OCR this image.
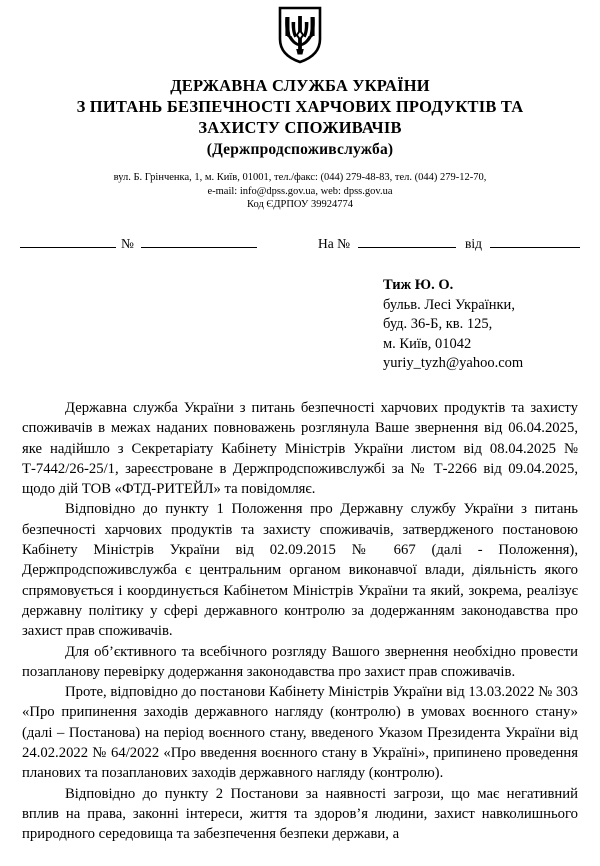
ДЕРЖАВНА СЛУЖБА УКРАЇНИ
З ПИТАНЬ БЕЗПЕЧНОСТІ ХАРЧОВИХ ПРОДУКТІВ ТА
ЗАХИСТУ СПОЖИВАЧІВ
(Держпродспоживслужба)
вул. Б. Грінченка, 1, м. Київ, 01001, тел./факс: (044) 279-48-83, тел. (044) 279-12-70,
e-mail: info@dpss.gov.ua, web: dpss.gov.ua
Код ЄДРПОУ 39924774
№	На №	від
Тиж Ю. О.
бульв. Лесі Українки,
буд. 36-Б, кв. 125,
м. Київ, 01042
yuriy_tyzh@yahoo.com

Державна служба України з питань безпечності харчових продуктів та захисту споживачів в межах наданих повноважень розглянула Ваше звернення від 06.04.2025, яке надійшло з Секретаріату Кабінету Міністрів України листом від 08.04.2025 № Т-7442/26-25/1, зареєстроване в Держпродспоживслужбі за № Т-2266 від 09.04.2025, щодо дій ТОВ «ФТД-РИТЕЙЛ» та повідомляє.

Відповідно до пункту 1 Положення про Державну службу України з питань безпечності харчових продуктів та захисту споживачів, затвердженого постановою Кабінету Міністрів України від 02.09.2015 № 667 (далі - Положення), Держпродспоживслужба є центральним органом виконавчої влади, діяльність якого спрямовується і координується Кабінетом Міністрів України та який, зокрема, реалізує державну політику у сфері державного контролю за додержанням законодавства про захист прав споживачів.

Для об’єктивного та всебічного розгляду Вашого звернення необхідно провести позапланову перевірку додержання законодавства про захист прав споживачів.

Проте, відповідно до постанови Кабінету Міністрів України від 13.03.2022 № 303 «Про припинення заходів державного нагляду (контролю) в умовах воєнного стану» (далі – Постанова) на період воєнного стану, введеного Указом Президента України від 24.02.2022 № 64/2022 «Про введення воєнного стану в Україні», припинено проведення планових та позапланових заходів державного нагляду (контролю).

Відповідно до пункту 2 Постанови за наявності загрози, що має негативний вплив на права, законні інтереси, життя та здоров’я людини, захист навколишнього природного середовища та забезпечення безпеки держави, а
